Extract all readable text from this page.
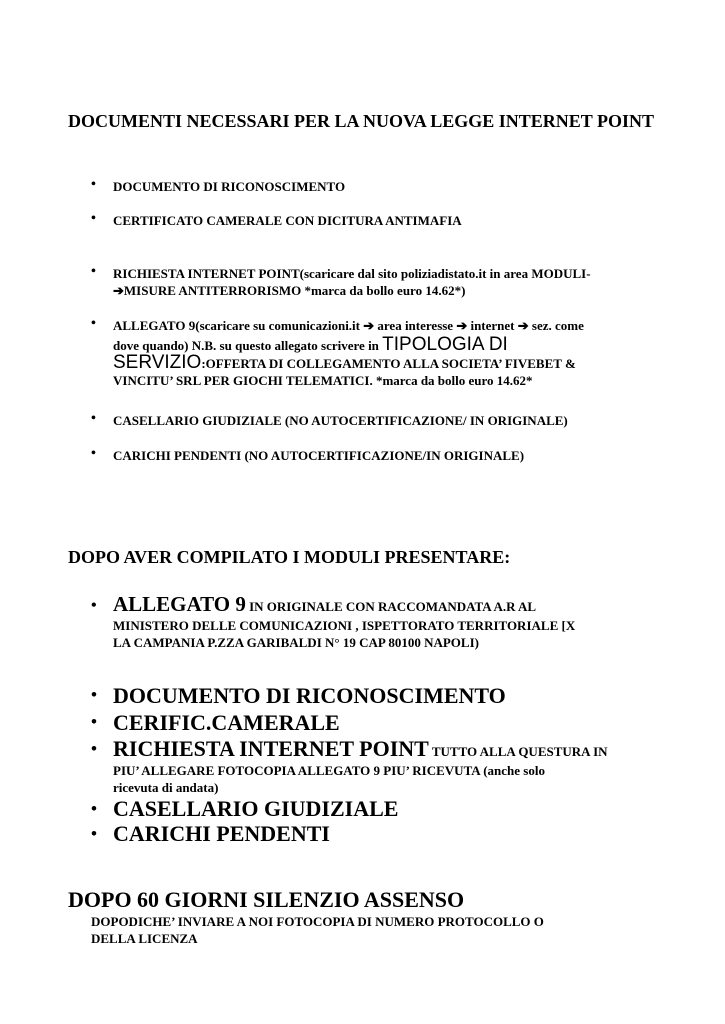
DOCUMENTI NECESSARI PER LA NUOVA LEGGE INTERNET POINT
• DOCUMENTO DI RICONOSCIMENTO
• CERTIFICATO CAMERALE CON DICITURA ANTIMAFIA
• RICHIESTA INTERNET POINT(scaricare dal sito poliziadistato.it in area MODULI-
➔MISURE ANTITERRORISMO *marca da bollo euro 14.62*)
• ALLEGATO 9(scaricare su comunicazioni.it ➔ area interesse ➔ internet ➔ sez. come
dove quando) N.B. su questo allegato scrivere in TIPOLOGIA DI
SERVIZIO:OFFERTA DI COLLEGAMENTO ALLA SOCIETA’ FIVEBET &
VINCITU’ SRL PER GIOCHI TELEMATICI. *marca da bollo euro 14.62*
• CASELLARIO GIUDIZIALE (NO AUTOCERTIFICAZIONE/ IN ORIGINALE)
• CARICHI PENDENTI (NO AUTOCERTIFICAZIONE/IN ORIGINALE)
DOPO AVER COMPILATO I MODULI PRESENTARE:
• ALLEGATO 9 IN ORIGINALE CON RACCOMANDATA A.R AL
MINISTERO DELLE COMUNICAZIONI , ISPETTORATO TERRITORIALE [X
LA CAMPANIA P.ZZA GARIBALDI N° 19 CAP 80100 NAPOLI)
• DOCUMENTO DI RICONOSCIMENTO
• CERIFIC.CAMERALE
• RICHIESTA INTERNET POINT TUTTO ALLA QUESTURA IN
PIU’ ALLEGARE FOTOCOPIA ALLEGATO 9 PIU’ RICEVUTA (anche solo
ricevuta di andata)
• CASELLARIO GIUDIZIALE
• CARICHI PENDENTI
DOPO 60 GIORNI SILENZIO ASSENSO
DOPODICHE’ INVIARE A NOI FOTOCOPIA DI NUMERO PROTOCOLLO O
DELLA LICENZA
